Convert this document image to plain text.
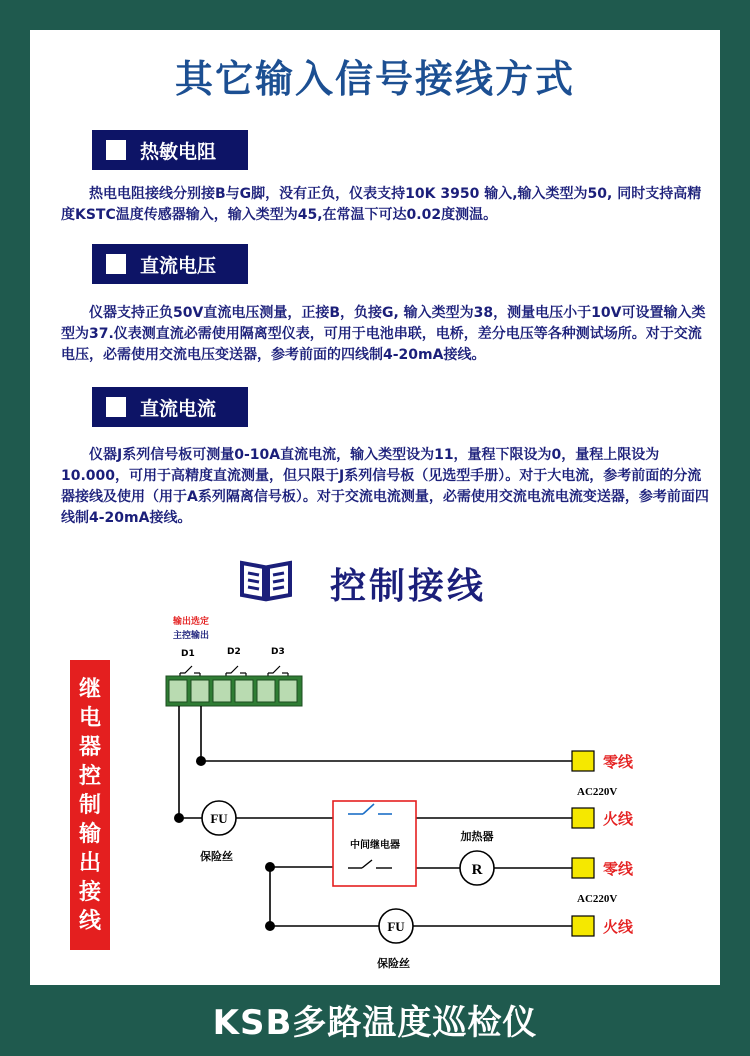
其它输入信号接线方式
热敏电阻
热电电阻接线分别接B与G脚，没有正负，仪表支持10K 3950 输入,输入类型为50, 同时支持高精度KSTC温度传感器输入，输入类型为45,在常温下可达0.02度测温。
直流电压
仪器支持正负50V直流电压测量，正接B，负接G, 输入类型为38，测量电压小于10V可设置输入类型为37.仪表测直流必需使用隔离型仪表，可用于电池串联，电桥，差分电压等各种测试场所。对于交流电压，必需使用交流电压变送器，参考前面的四线制4-20mA接线。
直流电流
仪器J系列信号板可测量0-10A直流电流，输入类型设为11，量程下限设为0，量程上限设为10.000，可用于高精度直流测量，但只限于J系列信号板（见选型手册）。对于大电流，参考前面的分流器接线及使用（用于A系列隔离信号板）。对于交流电流测量，必需使用交流电流电流变送器，参考前面四线制4-20mA接线。
控制接线
继
电
器
控
制
输
出
接
线
输出选定
主控输出
D1	D2	D3
FU
保险丝
中间继电器
加热器
R
FU
保险丝
零线
AC220V
火线
零线
AC220V
火线
KSB多路温度巡检仪
